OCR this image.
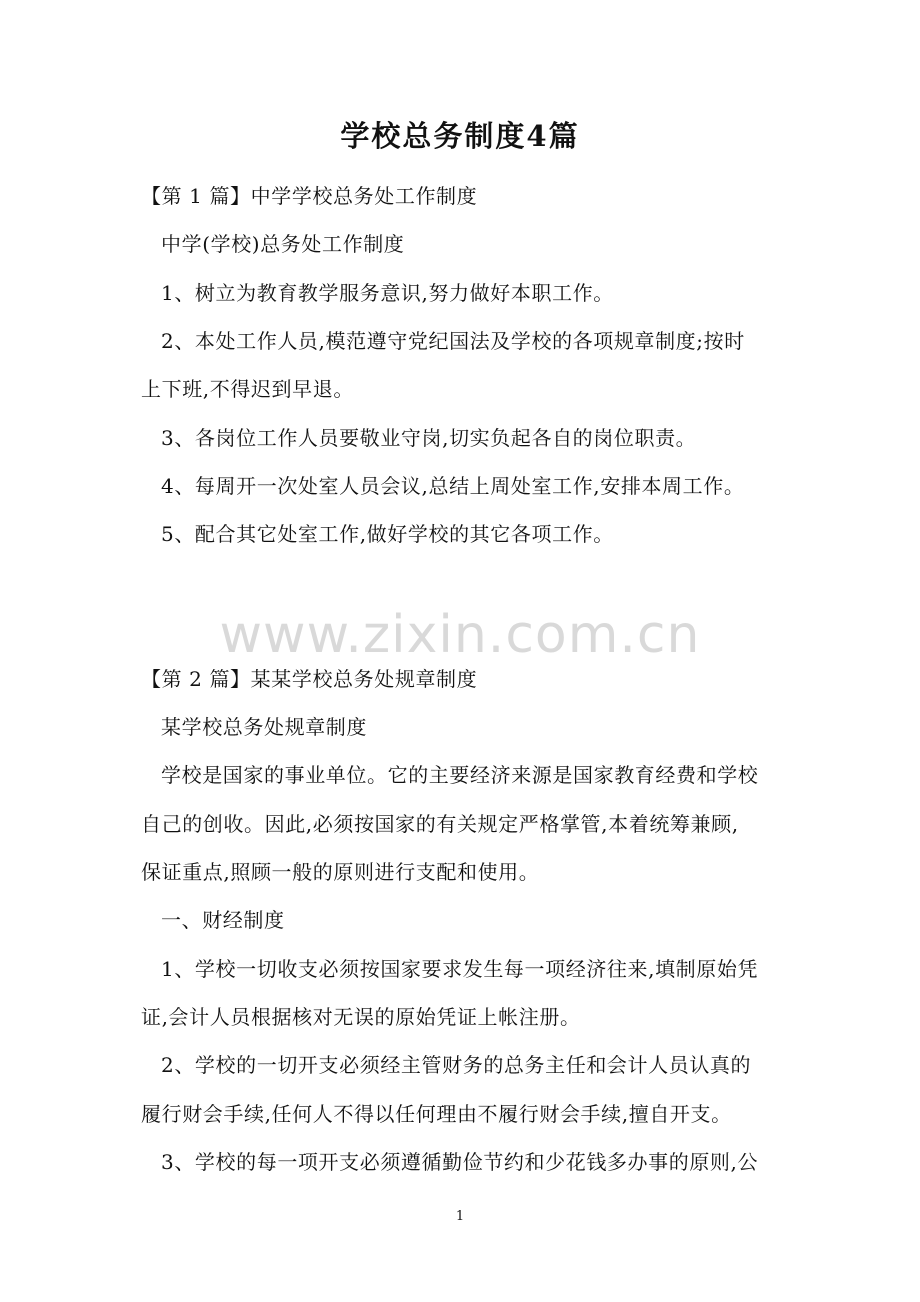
学校总务制度4篇
【第 1 篇】中学学校总务处工作制度
中学(学校)总务处工作制度
1、树立为教育教学服务意识,努力做好本职工作。
2、本处工作人员,模范遵守党纪国法及学校的各项规章制度;按时
上下班,不得迟到早退。
3、各岗位工作人员要敬业守岗,切实负起各自的岗位职责。
4、每周开一次处室人员会议,总结上周处室工作,安排本周工作。
5、配合其它处室工作,做好学校的其它各项工作。
www.zixin.com.cn
【第 2 篇】某某学校总务处规章制度
某学校总务处规章制度
学校是国家的事业单位。它的主要经济来源是国家教育经费和学校
自己的创收。因此,必须按国家的有关规定严格掌管,本着统筹兼顾,
保证重点,照顾一般的原则进行支配和使用。
一、财经制度
1、学校一切收支必须按国家要求发生每一项经济往来,填制原始凭
证,会计人员根据核对无误的原始凭证上帐注册。
2、学校的一切开支必须经主管财务的总务主任和会计人员认真的
履行财会手续,任何人不得以任何理由不履行财会手续,擅自开支。
3、学校的每一项开支必须遵循勤俭节约和少花钱多办事的原则,公
1
